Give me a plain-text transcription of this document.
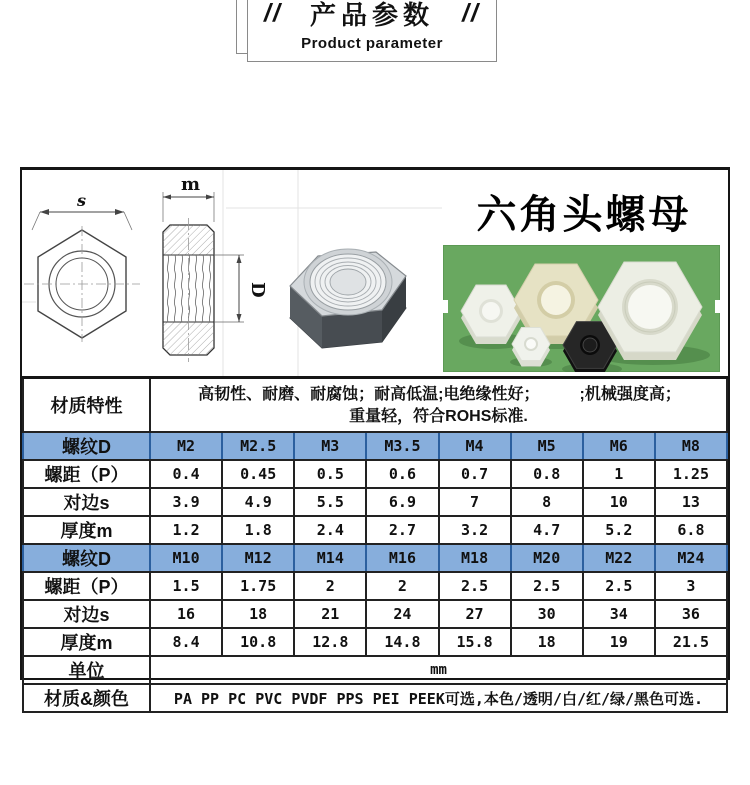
// 产品参数 //
Product parameter
s
m
D
六角头螺母
材质特性	高韧性、耐磨、耐腐蚀；耐高低温;电绝缘性好；         ;机械强度高；
重量轻，符合ROHS标准.							

螺纹D	M2	M2.5	M3	M3.5	M4	M5	M6	M8
螺距（P）	0.4	0.45	0.5	0.6	0.7	0.8	1	1.25
对边s	3.9	4.9	5.5	6.9	7	8	10	13
厚度m	1.2	1.8	2.4	2.7	3.2	4.7	5.2	6.8
螺纹D	M10	M12	M14	M16	M18	M20	M22	M24
螺距（P）	1.5	1.75	2	2	2.5	2.5	2.5	3
对边s	16	18	21	24	27	30	34	36
厚度m	8.4	10.8	12.8	14.8	15.8	18	19	21.5
单位	mm							
材质&颜色	PA PP PC PVC PVDF PPS PEI PEEK可选,本色/透明/白/红/绿/黑色可选.							
